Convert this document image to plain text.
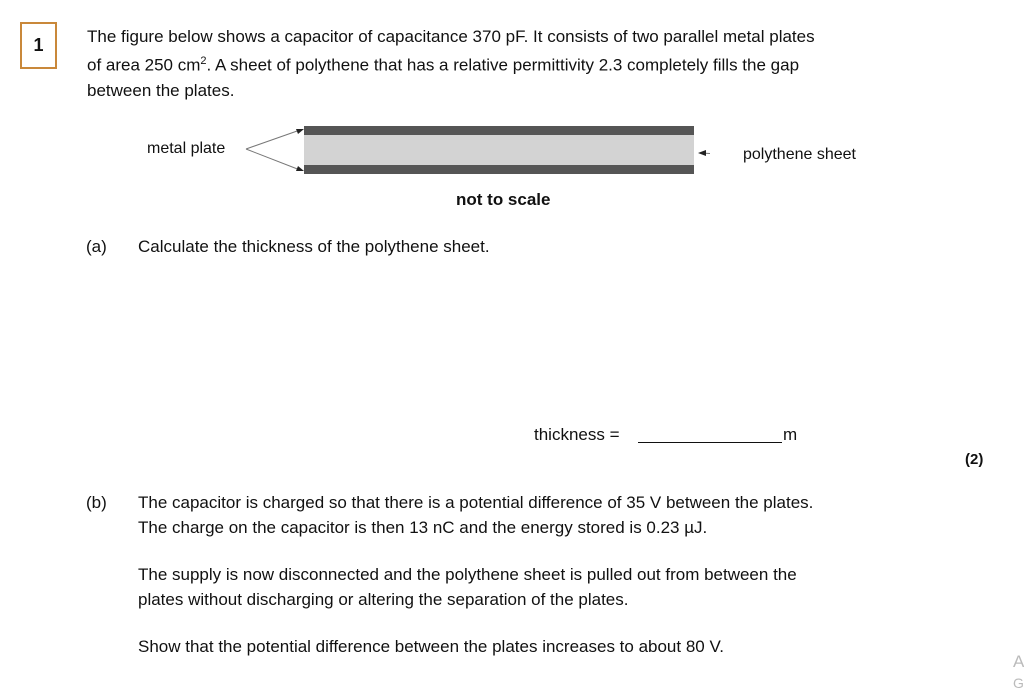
1	The figure below shows a capacitor of capacitance 370 pF. It consists of two parallel metal plates
of area 250 $cm^2$. A sheet of polythene that has a relative permittivity 2.3 completely fills the gap
between the plates.
metal plate	polythene sheet
not to scale
(a) Calculate the thickness of the polythene sheet.
thickness =	m
(2)
(b) The capacitor is charged so that there is a potential difference of 35 V between the plates.
The charge on the capacitor is then 13 nC and the energy stored is 0.23 µJ.
The supply is now disconnected and the polythene sheet is pulled out from between the
plates without discharging or altering the separation of the plates.
Show that the potential difference between the plates increases to about 80 V.
A
G
